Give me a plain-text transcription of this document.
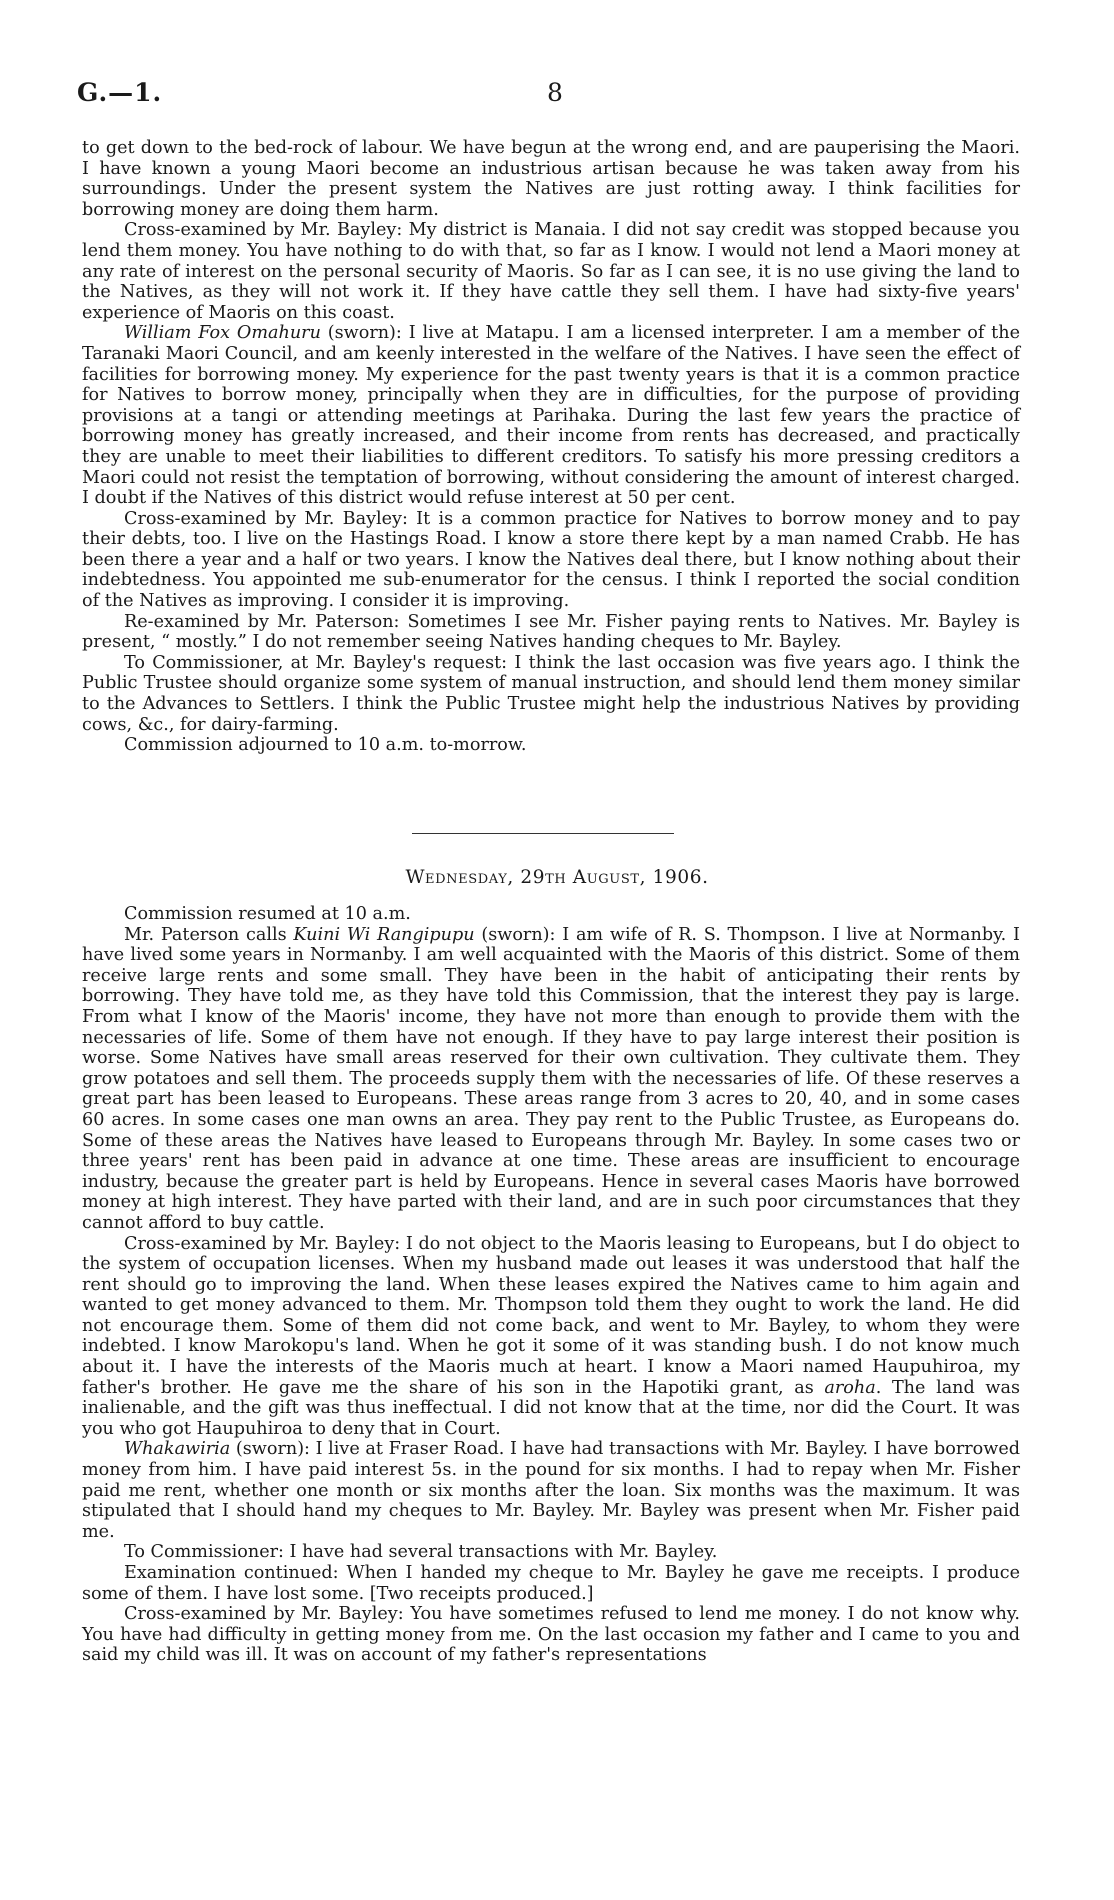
G.—1.	8

to get down to the bed-rock of labour. We have begun at the wrong end, and are pauperising the Maori. I have known a young Maori become an industrious artisan because he was taken away from his surroundings. Under the present system the Natives are just rotting away. I think facilities for borrowing money are doing them harm.

Cross-examined by Mr. Bayley: My district is Manaia. I did not say credit was stopped because you lend them money. You have nothing to do with that, so far as I know. I would not lend a Maori money at any rate of interest on the personal security of Maoris. So far as I can see, it is no use giving the land to the Natives, as they will not work it. If they have cattle they sell them. I have had sixty-five years' experience of Maoris on this coast.

William Fox Omahuru (sworn): I live at Matapu. I am a licensed interpreter. I am a member of the Taranaki Maori Council, and am keenly interested in the welfare of the Natives. I have seen the effect of facilities for borrowing money. My experience for the past twenty years is that it is a common practice for Natives to borrow money, principally when they are in difficulties, for the purpose of providing provisions at a tangi or attending meetings at Parihaka. During the last few years the practice of borrowing money has greatly increased, and their income from rents has decreased, and practically they are unable to meet their liabilities to different creditors. To satisfy his more pressing creditors a Maori could not resist the temptation of borrowing, without considering the amount of interest charged. I doubt if the Natives of this district would refuse interest at 50 per cent.

Cross-examined by Mr. Bayley: It is a common practice for Natives to borrow money and to pay their debts, too. I live on the Hastings Road. I know a store there kept by a man named Crabb. He has been there a year and a half or two years. I know the Natives deal there, but I know nothing about their indebtedness. You appointed me sub-enumerator for the census. I think I reported the social condition of the Natives as improving. I consider it is improving.

Re-examined by Mr. Paterson: Sometimes I see Mr. Fisher paying rents to Natives. Mr. Bayley is present, “ mostly.” I do not remember seeing Natives handing cheques to Mr. Bayley.

To Commissioner, at Mr. Bayley's request: I think the last occasion was five years ago. I think the Public Trustee should organize some system of manual instruction, and should lend them money similar to the Advances to Settlers. I think the Public Trustee might help the industrious Natives by providing cows, &c., for dairy-farming.

Commission adjourned to 10 a.m. to-morrow.

Wednesday, 29th August, 1906.

Commission resumed at 10 a.m.

Mr. Paterson calls Kuini Wi Rangipupu (sworn): I am wife of R. S. Thompson. I live at Normanby. I have lived some years in Normanby. I am well acquainted with the Maoris of this district. Some of them receive large rents and some small. They have been in the habit of anticipating their rents by borrowing. They have told me, as they have told this Commission, that the interest they pay is large. From what I know of the Maoris' income, they have not more than enough to provide them with the necessaries of life. Some of them have not enough. If they have to pay large interest their position is worse. Some Natives have small areas reserved for their own cultivation. They cultivate them. They grow potatoes and sell them. The proceeds supply them with the necessaries of life. Of these reserves a great part has been leased to Europeans. These areas range from 3 acres to 20, 40, and in some cases 60 acres. In some cases one man owns an area. They pay rent to the Public Trustee, as Europeans do. Some of these areas the Natives have leased to Europeans through Mr. Bayley. In some cases two or three years' rent has been paid in advance at one time. These areas are insufficient to encourage industry, because the greater part is held by Europeans. Hence in several cases Maoris have borrowed money at high interest. They have parted with their land, and are in such poor circumstances that they cannot afford to buy cattle.

Cross-examined by Mr. Bayley: I do not object to the Maoris leasing to Europeans, but I do object to the system of occupation licenses. When my husband made out leases it was understood that half the rent should go to improving the land. When these leases expired the Natives came to him again and wanted to get money advanced to them. Mr. Thompson told them they ought to work the land. He did not encourage them. Some of them did not come back, and went to Mr. Bayley, to whom they were indebted. I know Marokopu's land. When he got it some of it was standing bush. I do not know much about it. I have the interests of the Maoris much at heart. I know a Maori named Haupuhiroa, my father's brother. He gave me the share of his son in the Hapotiki grant, as aroha. The land was inalienable, and the gift was thus ineffectual. I did not know that at the time, nor did the Court. It was you who got Haupuhiroa to deny that in Court.

Whakawiria (sworn): I live at Fraser Road. I have had transactions with Mr. Bayley. I have borrowed money from him. I have paid interest 5s. in the pound for six months. I had to repay when Mr. Fisher paid me rent, whether one month or six months after the loan. Six months was the maximum. It was stipulated that I should hand my cheques to Mr. Bayley. Mr. Bayley was present when Mr. Fisher paid me.

To Commissioner: I have had several transactions with Mr. Bayley.

Examination continued: When I handed my cheque to Mr. Bayley he gave me receipts. I produce some of them. I have lost some. [Two receipts produced.]

Cross-examined by Mr. Bayley: You have sometimes refused to lend me money. I do not know why. You have had difficulty in getting money from me. On the last occasion my father and I came to you and said my child was ill. It was on account of my father's representations
